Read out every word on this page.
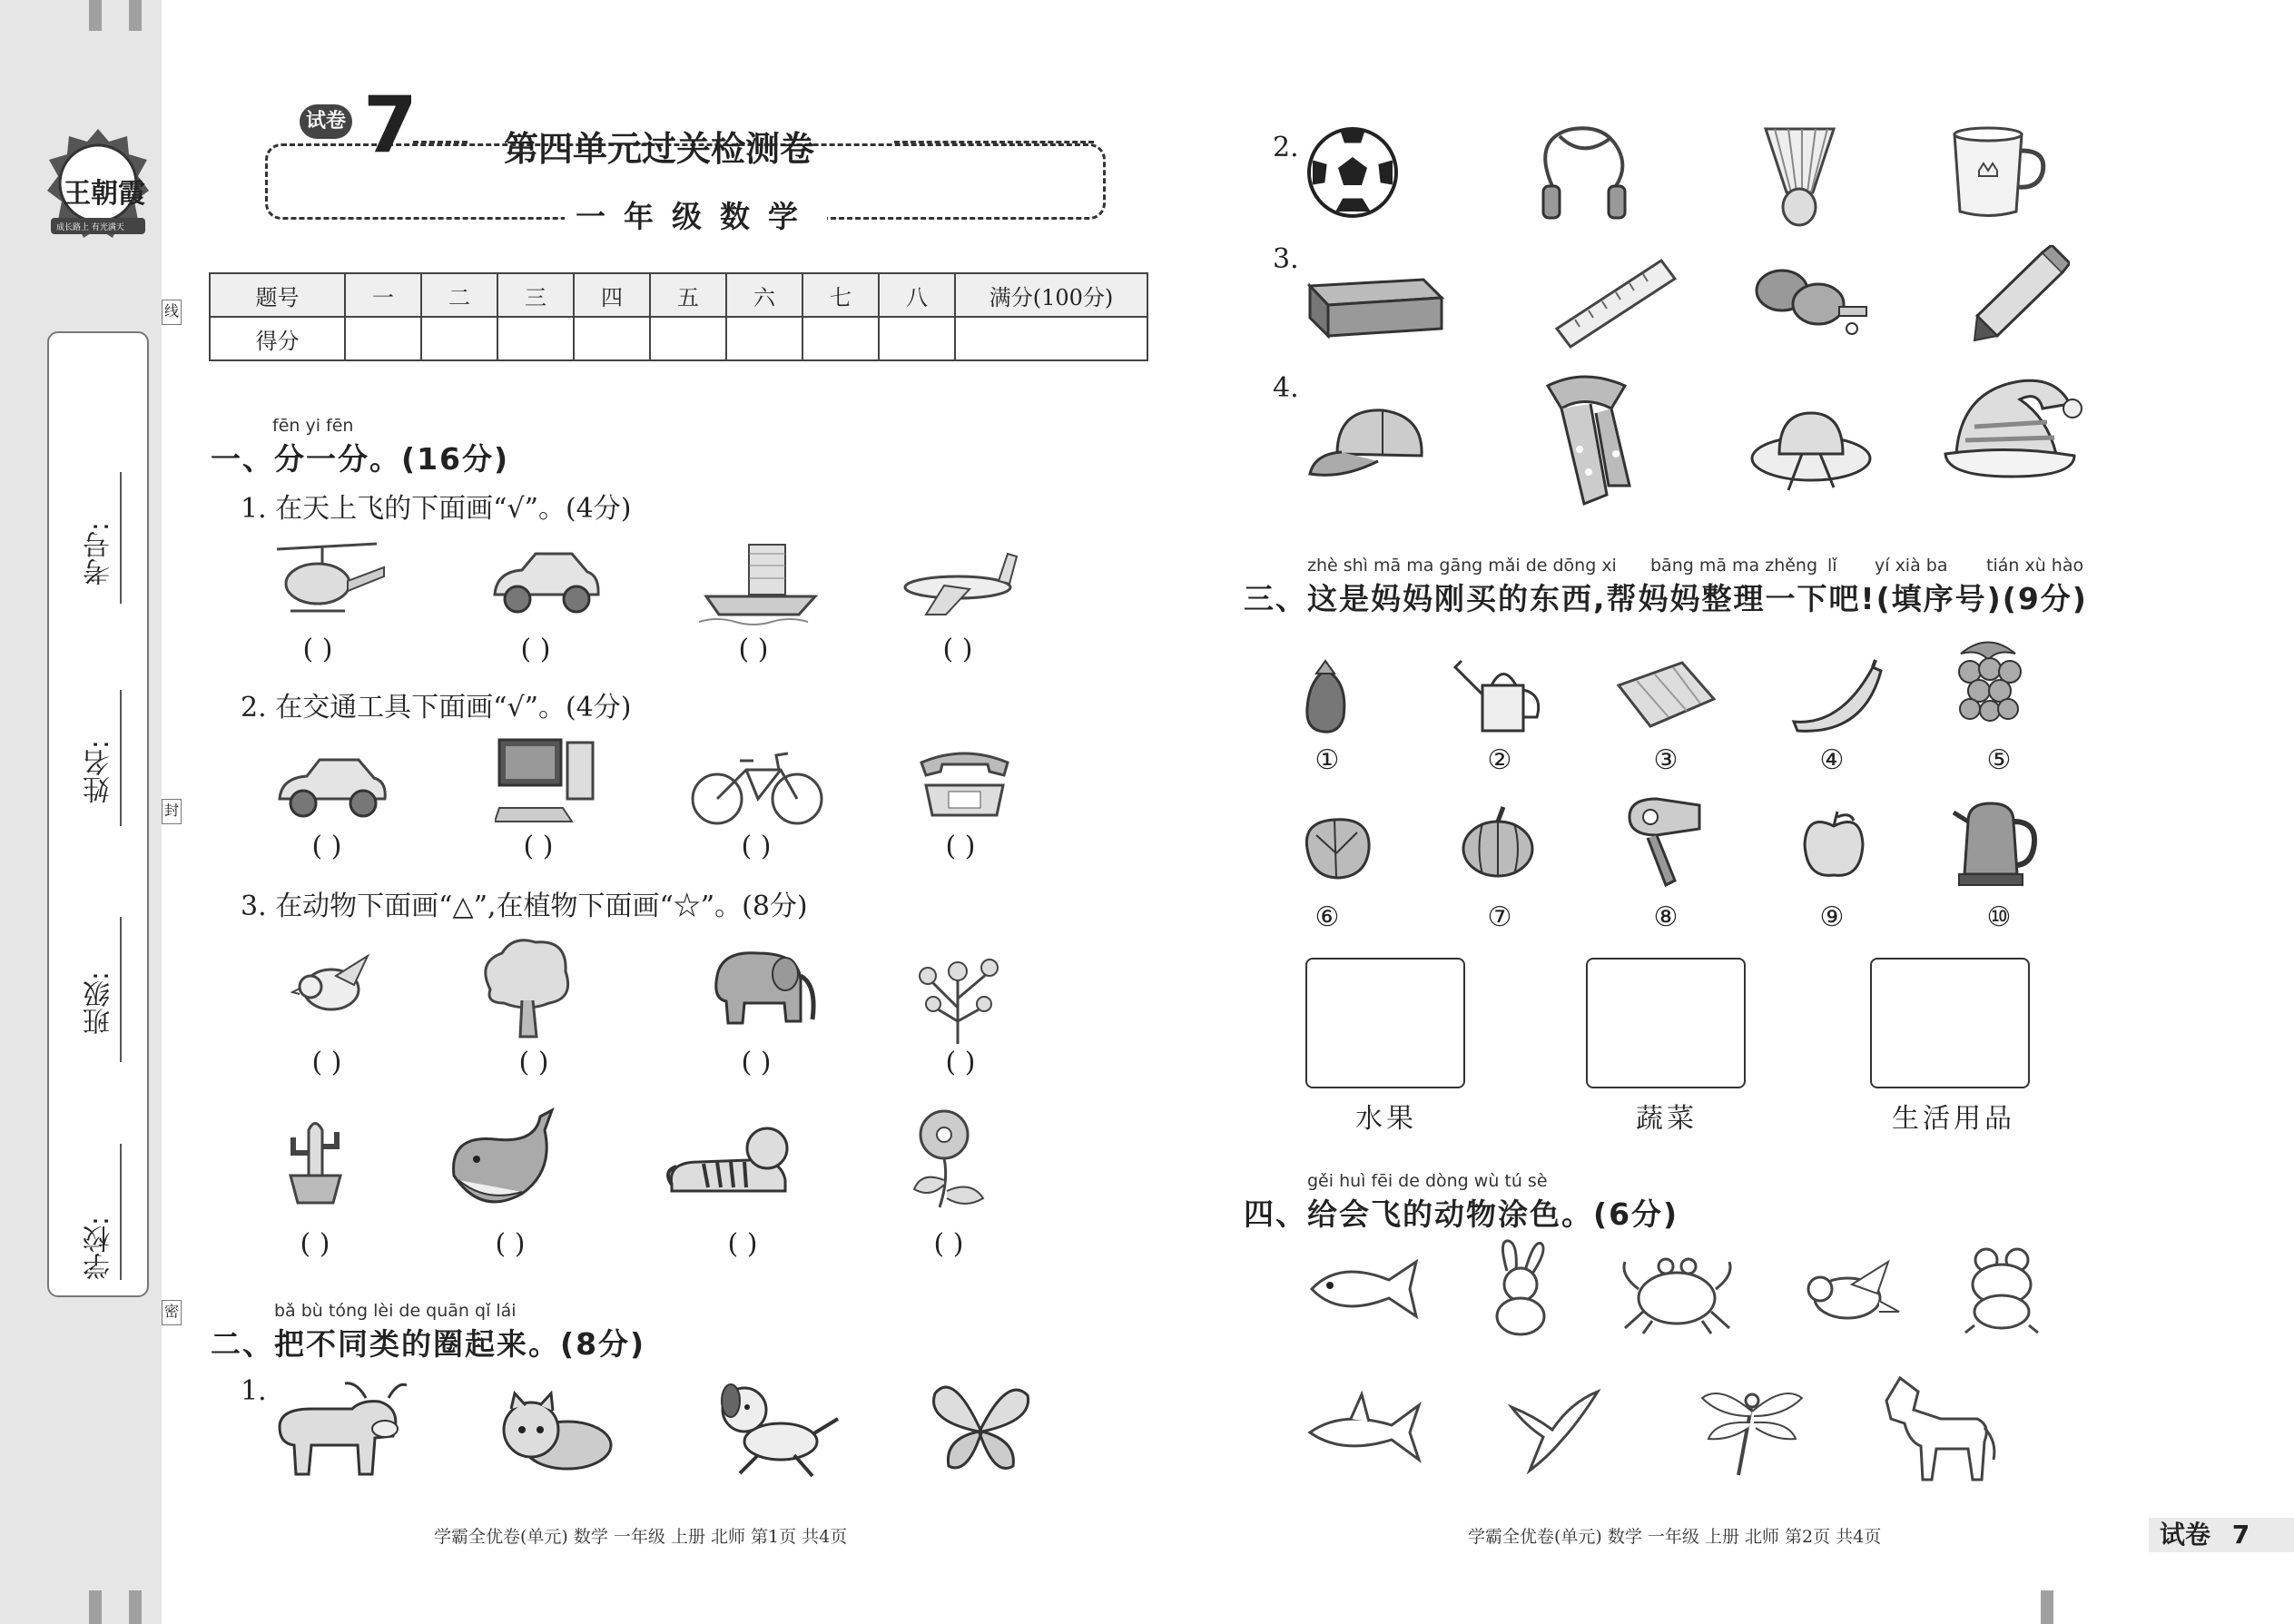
王朝霞
成长路上 有光满天
考号:
姓名:
班级:
学校:
线
封
密
试卷 7	第四单元过关检测卷
一年级数学
题号	一	二	三	四	五	六	七	八	满分(100分)
得分									
fēn yi fēn
一、分一分。(16分)
1. 在天上飞的下面画“√”。(4分)
( )	( )	( )	( )
2. 在交通工具下面画“√”。(4分)
( )	( )	( )	( )
3. 在动物下面画“△”,在植物下面画“☆”。(8分)
( )	( )	( )	( )
( )	( )	( )	( )
bǎ bù tóng lèi de quān qǐ lái
二、把不同类的圈起来。(8分)
1.
2.
3.
4.
zhè shì mā ma gāng mǎi de dōng xi bāng mā ma zhěng lǐ yí xià ba tián xù hào
三、这是妈妈刚买的东西,帮妈妈整理一下吧!(填序号)(9分)
①	②	③	④	⑤
⑥	⑦	⑧	⑨	⑩
水果	蔬菜	生活用品
gěi huì fēi de dòng wù tú sè
四、给会飞的动物涂色。(6分)
学霸全优卷(单元) 数学 一年级 上册 北师 第1页 共4页	学霸全优卷(单元) 数学 一年级 上册 北师 第2页 共4页	试卷 7
